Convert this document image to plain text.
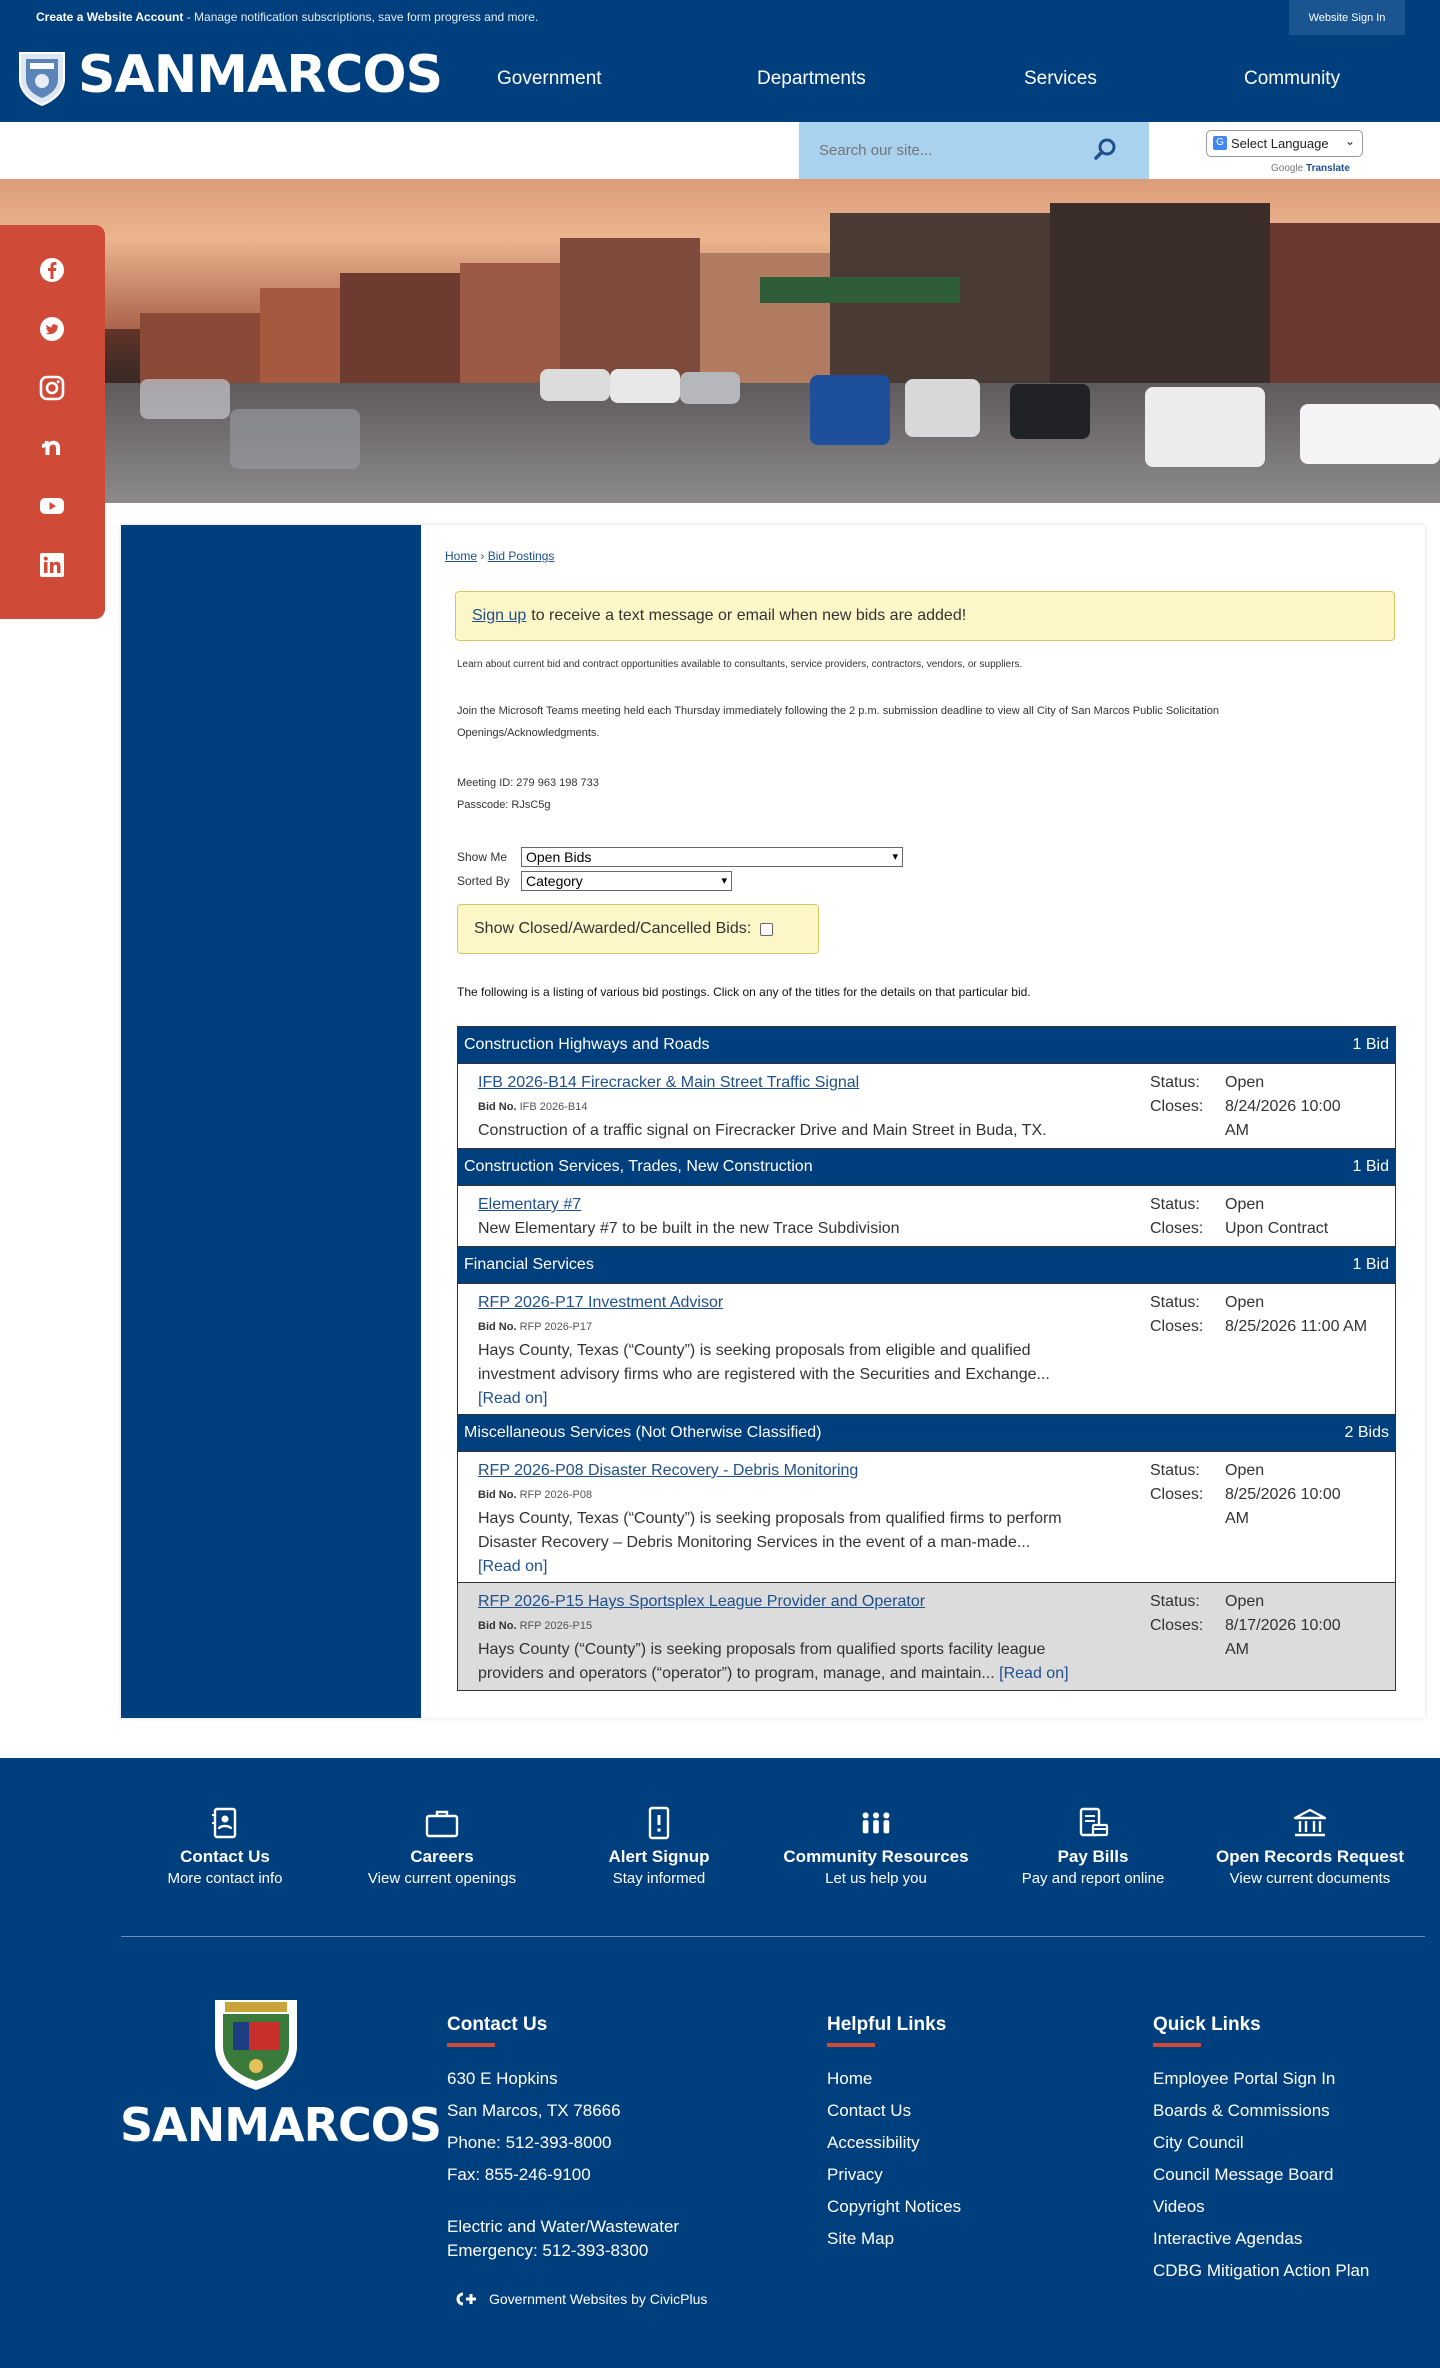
Create a Website Account - Manage notification subscriptions, save form progress and more.	Website Sign In
SANMARCOS	Government	Departments	Services	Community
Search our site...
G Select Language ⌄
Google Translate
Home › Bid Postings
Sign up to receive a text message or email when new bids are added!
Learn about current bid and contract opportunities available to consultants, service providers, contractors, vendors, or suppliers.
Join the Microsoft Teams meeting held each Thursday immediately following the 2 p.m. submission deadline to view all City of San Marcos Public Solicitation
Openings/Acknowledgments.
Meeting ID: 279 963 198 733
Passcode: RJsC5g
Show Me	Open Bids	▾
Sorted By	Category	▾
Show Closed/Awarded/Cancelled Bids:
The following is a listing of various bid postings. Click on any of the titles for the details on that particular bid.
Construction Highways and Roads	1 Bid
IFB 2026-B14 Firecracker & Main Street Traffic Signal
Bid No. IFB 2026-B14
Construction of a traffic signal on Firecracker Drive and Main Street in Buda, TX.
Status:	Open
Closes:	8/24/2026 10:00
AM
Construction Services, Trades, New Construction	1 Bid
Elementary #7
New Elementary #7 to be built in the new Trace Subdivision
Status:	Open
Closes:	Upon Contract
Financial Services	1 Bid
RFP 2026-P17 Investment Advisor
Bid No. RFP 2026-P17
Hays County, Texas (“County”) is seeking proposals from eligible and qualified
investment advisory firms who are registered with the Securities and Exchange...
[Read on]
Status:	Open
Closes:	8/25/2026 11:00 AM
Miscellaneous Services (Not Otherwise Classified)	2 Bids
RFP 2026-P08 Disaster Recovery - Debris Monitoring
Bid No. RFP 2026-P08
Hays County, Texas (“County”) is seeking proposals from qualified firms to perform
Disaster Recovery – Debris Monitoring Services in the event of a man-made...
[Read on]
Status:	Open
Closes:	8/25/2026 10:00
AM
RFP 2026-P15 Hays Sportsplex League Provider and Operator
Bid No. RFP 2026-P15
Hays County (“County”) is seeking proposals from qualified sports facility league
providers and operators (“operator”) to program, manage, and maintain... [Read on]
Status:	Open
Closes:	8/17/2026 10:00
AM
Contact Us
More contact info
Careers
View current openings
Alert Signup
Stay informed
Community Resources
Let us help you
Pay Bills
Pay and report online
Open Records Request
View current documents
SANMARCOS
Contact Us
630 E Hopkins
San Marcos, TX 78666
Phone: 512-393-8000
Fax: 855-246-9100
Electric and Water/Wastewater
Emergency: 512-393-8300
Helpful Links
Home
Contact Us
Accessibility
Privacy
Copyright Notices
Site Map
Quick Links
Employee Portal Sign In
Boards & Commissions
City Council
Council Message Board
Videos
Interactive Agendas
CDBG Mitigation Action Plan
Government Websites by CivicPlus
